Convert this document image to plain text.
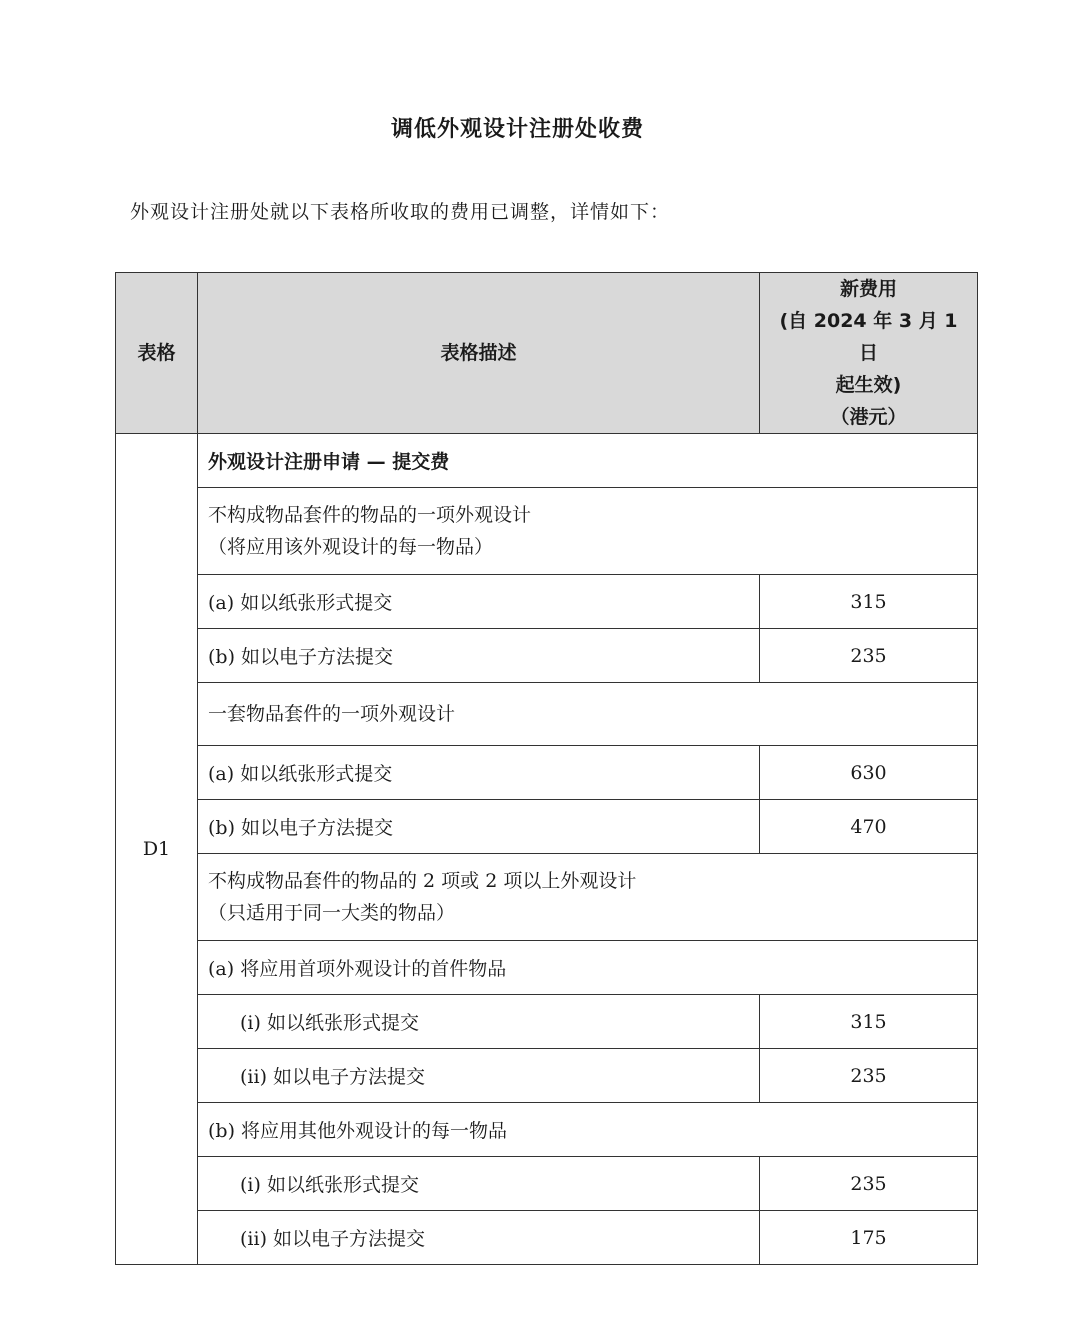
调低外观设计注册处收费
外观设计注册处就以下表格所收取的费用已调整，详情如下：
表格	表格描述	新费用
(自 2024 年 3 月 1 日
起生效)
（港元）

D1	外观设计注册申请 — 提交费	

	不构成物品套件的物品的一项外观设计
（将应用该外观设计的每一物品）	

	(a) 如以纸张形式提交	315
	(b) 如以电子方法提交	235

	一套物品套件的一项外观设计	

	(a) 如以纸张形式提交	630
	(b) 如以电子方法提交	470

	不构成物品套件的物品的 2 项或 2 项以上外观设计
（只适用于同一大类的物品）	

	(a) 将应用首项外观设计的首件物品	
	(i) 如以纸张形式提交	315
	(ii) 如以电子方法提交	235
	(b) 将应用其他外观设计的每一物品	
	(i) 如以纸张形式提交	235
	(ii) 如以电子方法提交	175
